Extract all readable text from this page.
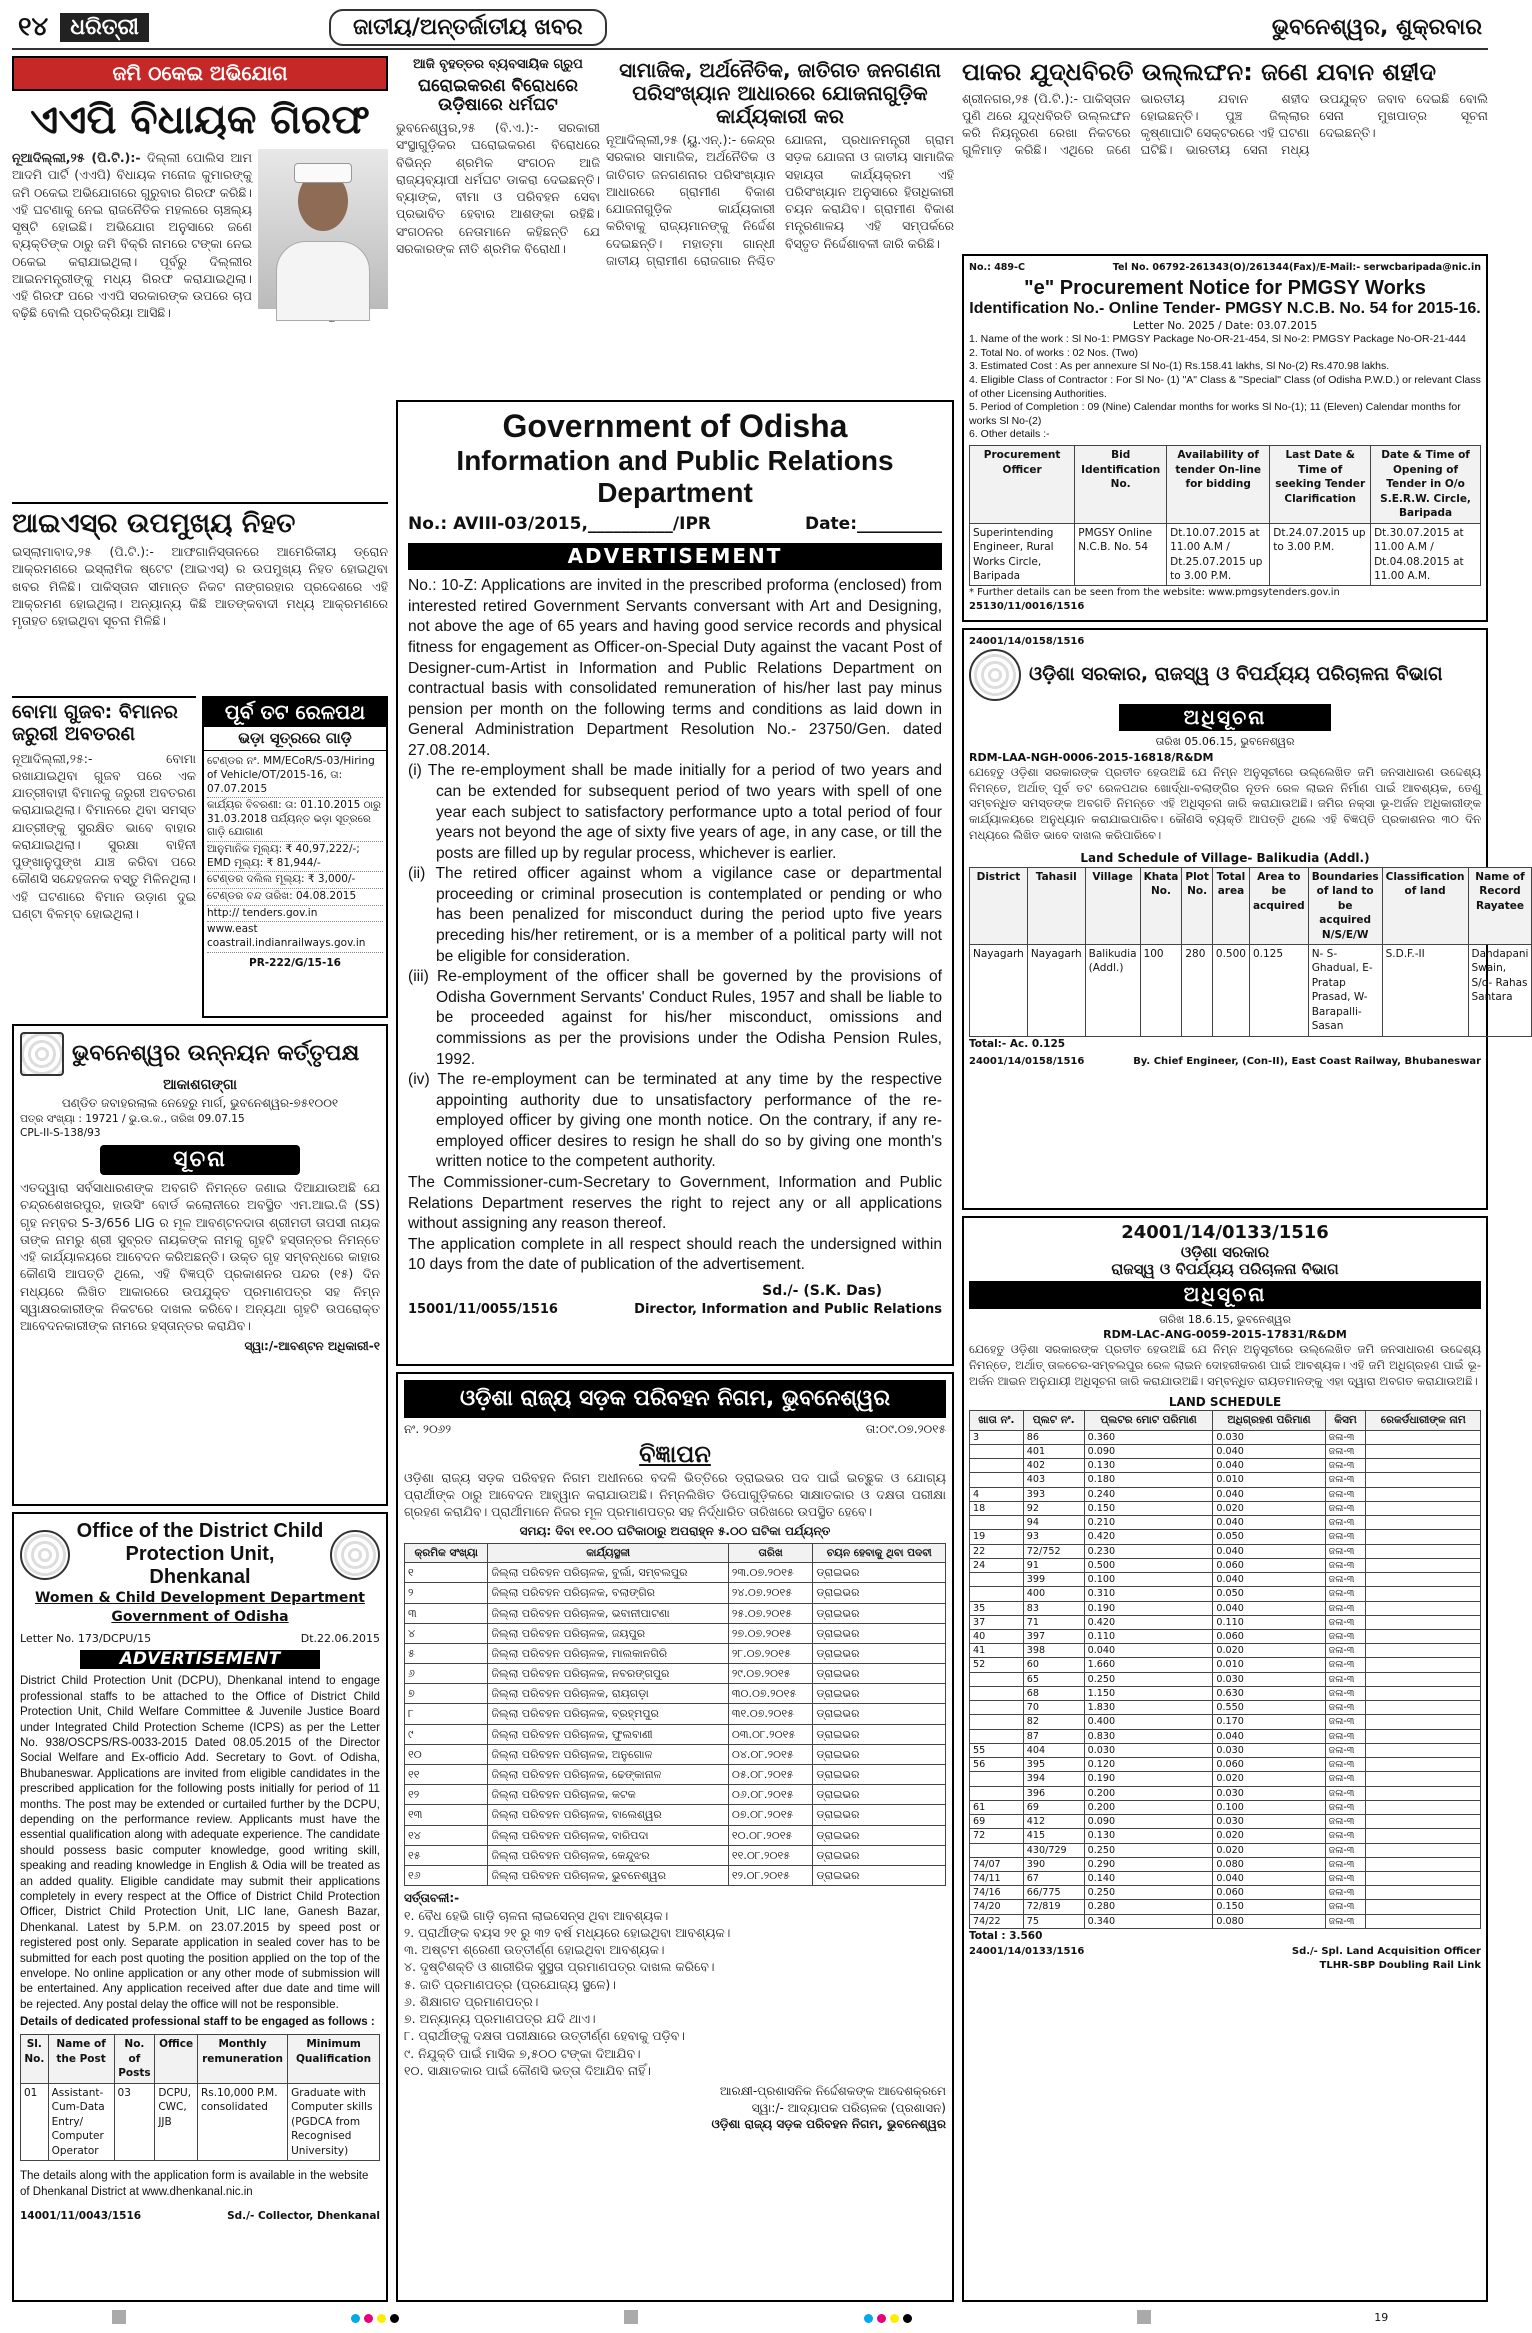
୧୪	ଧରିତ୍ରୀ	ଜାତୀୟ/ଅନ୍ତର୍ଜାତୀୟ ଖବର	ଭୁବନେଶ୍ୱର, ଶୁକ୍ରବାର
ଜମି ଠକେଇ ଅଭିଯୋଗ
ଏଏପି ବିଧାୟକ ଗିରଫ
ନୂଆଦିଲ୍ଲୀ,୨୫ (ପି.ଟି.):- ଦିଲ୍ଲୀ ପୋଲିସ ଆମ ଆଦମି ପାର୍ଟି (ଏଏପି) ବିଧାୟକ ମନୋଜ କୁମାରଙ୍କୁ ଜମି ଠକେଇ ଅଭିଯୋଗରେ ଗୁରୁବାର ଗିରଫ କରିଛି। ଏହି ଘଟଣାକୁ ନେଇ ରାଜନୈତିକ ମହଲରେ ଚାଞ୍ଚଲ୍ୟ ସୃଷ୍ଟି ହୋଇଛି। ଅଭିଯୋଗ ଅନୁସାରେ ଜଣେ ବ୍ୟକ୍ତିଙ୍କ ଠାରୁ ଜମି ବିକ୍ରି ନାମରେ ଟଙ୍କା ନେଇ ଠକେଇ କରାଯାଇଥିଲା। ପୂର୍ବରୁ ଦିଲ୍ଲୀର ଆଇନମନ୍ତ୍ରୀଙ୍କୁ ମଧ୍ୟ ଗିରଫ କରାଯାଇଥିଲା। ଏହି ଗିରଫ ପରେ ଏଏପି ସରକାରଙ୍କ ଉପରେ ଚାପ ବଢ଼ିଛି ବୋଲି ପ୍ରତିକ୍ରିୟା ଆସିଛି।
ଆଇଏସ୍‌ର ଉପମୁଖ୍ୟ ନିହତ
ଇସ୍‌ଲାମାବାଦ,୨୫ (ପି.ଟି.):- ଆଫଗାନିସ୍ତାନରେ ଆମେରିକୀୟ ଡ୍ରୋନ ଆକ୍ରମଣରେ ଇସ୍‌ଲାମିକ ଷ୍ଟେଟ (ଆଇଏସ୍) ର ଉପମୁଖ୍ୟ ନିହତ ହୋଇଥିବା ଖବର ମିଳିଛି। ପାକିସ୍ତାନ ସୀମାନ୍ତ ନିକଟ ନାଙ୍ଗରହାର ପ୍ରଦେଶରେ ଏହି ଆକ୍ରମଣ ହୋଇଥିଲା। ଅନ୍ୟାନ୍ୟ କିଛି ଆତଙ୍କବାଦୀ ମଧ୍ୟ ଆକ୍ରମଣରେ ମୃତାହତ ହୋଇଥିବା ସୂଚନା ମିଳିଛି।
ବୋମା ଗୁଜବ: ବିମାନର ଜରୁରୀ ଅବତରଣ
ନୂଆଦିଲ୍ଲୀ,୨୫:- ବୋମା ରଖାଯାଇଥିବା ଗୁଜବ ପରେ ଏକ ଯାତ୍ରୀବାହୀ ବିମାନକୁ ଜରୁରୀ ଅବତରଣ କରାଯାଇଥିଲା। ବିମାନରେ ଥିବା ସମସ୍ତ ଯାତ୍ରୀଙ୍କୁ ସୁରକ୍ଷିତ ଭାବେ ବାହାର କରାଯାଇଥିଲା। ସୁରକ୍ଷା ବାହିନୀ ପୁଙ୍ଖାନୁପୁଙ୍ଖ ଯାଞ୍ଚ କରିବା ପରେ କୌଣସି ସନ୍ଦେହଜନକ ବସ୍ତୁ ମିଳିନଥିଲା। ଏହି ଘଟଣାରେ ବିମାନ ଉଡ଼ାଣ ଦୁଇ ଘଣ୍ଟା ବିଳମ୍ବ ହୋଇଥିଲା।
ପୂର୍ବ ତଟ ରେଳପଥ
ଭଡ଼ା ସୂତ୍ରରେ ଗାଡ଼ି
ଟେଣ୍ଡର ନଂ. MM/ECoR/S-03/Hiring of Vehicle/OT/2015-16, ତା: 07.07.2015
କାର୍ଯ୍ୟର ବିବରଣୀ: ତା: 01.10.2015 ଠାରୁ 31.03.2018 ପର୍ଯ୍ୟନ୍ତ ଭଡ଼ା ସୂତ୍ରରେ ଗାଡ଼ି ଯୋଗାଣ
ଆନୁମାନିକ ମୂଲ୍ୟ: ₹ 40,97,222/-; EMD ମୂଲ୍ୟ: ₹ 81,944/-
ଟେଣ୍ଡର ଦଲିଲ ମୂଲ୍ୟ: ₹ 3,000/-
ଟେଣ୍ଡର ବନ୍ଦ ତାରିଖ: 04.08.2015
http:// tenders.gov.in
www.east coastrail.indianrailways.gov.in
PR-222/G/15-16
ଭୁବନେଶ୍ୱର ଉନ୍ନୟନ କର୍ତ୍ତୃପକ୍ଷ
ଆକାଶଗଙ୍ଗା
ପଣ୍ଡିତ ଜବାହରଲାଲ ନେହେରୁ ମାର୍ଗ, ଭୁବନେଶ୍ୱର-୭୫୧୦୦୧
ପତ୍ର ସଂଖ୍ୟା : 19721 / ଭୁ.ଉ.କ., ତାରିଖ 09.07.15
CPL-II-S-138/93
ସୂଚନା
ଏତଦ୍ୱାରା ସର୍ବସାଧାରଣଙ୍କ ଅବଗତି ନିମନ୍ତେ ଜଣାଇ ଦିଆଯାଉଅଛି ଯେ ଚନ୍ଦ୍ରଶେଖରପୁର, ହାଉସିଂ ବୋର୍ଡ କଲୋନୀରେ ଅବସ୍ଥିତ ଏମ.ଆଇ.ଜି (SS) ଗୃହ ନମ୍ବର S-3/656 LIG ର ମୂଳ ଆବଣ୍ଟନଦାତା ଶ୍ରୀମତୀ ତାପସୀ ନାୟକ ତାଙ୍କ ନାମରୁ ଶ୍ରୀ ସୁବ୍ରତ ନାୟକଙ୍କ ନାମକୁ ଗୃହଟି ହସ୍ତାନ୍ତର ନିମନ୍ତେ ଏହି କାର୍ଯ୍ୟାଳୟରେ ଆବେଦନ କରିଅଛନ୍ତି। ଉକ୍ତ ଗୃହ ସମ୍ବନ୍ଧରେ କାହାର କୌଣସି ଆପତ୍ତି ଥିଲେ, ଏହି ବିଜ୍ଞପ୍ତି ପ୍ରକାଶନର ପନ୍ଦର (୧୫) ଦିନ ମଧ୍ୟରେ ଲିଖିତ ଆକାରରେ ଉପଯୁକ୍ତ ପ୍ରମାଣପତ୍ର ସହ ନିମ୍ନ ସ୍ୱାକ୍ଷରକାରୀଙ୍କ ନିକଟରେ ଦାଖଲ କରିବେ। ଅନ୍ୟଥା ଗୃହଟି ଉପରୋକ୍ତ ଆବେଦନକାରୀଙ୍କ ନାମରେ ହସ୍ତାନ୍ତର କରାଯିବ।
ସ୍ୱା:/-ଆବଣ୍ଟନ ଅଧିକାରୀ-୧
Office of the District Child
Protection Unit, Dhenkanal
Women & Child Development Department
Government of Odisha
Letter No. 173/DCPU/15	Dt.22.06.2015
ADVERTISEMENT
District Child Protection Unit (DCPU), Dhenkanal intend to engage professional staffs to be attached to the Office of District Child Protection Unit, Child Welfare Committee & Juvenile Justice Board under Integrated Child Protection Scheme (ICPS) as per the Letter No. 938/OSCPS/RS-0033-2015 Dated 08.05.2015 of the Director Social Welfare and Ex-officio Add. Secretary to Govt. of Odisha, Bhubaneswar. Applications are invited from eligible candidates in the prescribed application for the following posts initially for period of 11 months. The post may be extended or curtailed further by the DCPU, depending on the performance review. Applicants must have the essential qualification along with adequate experience. The candidate should possess basic computer knowledge, good writing skill, speaking and reading knowledge in English & Odia will be treated as an added quality. Eligible candidate may submit their applications completely in every respect at the Office of District Child Protection Officer, District Child Protection Unit, LIC lane, Ganesh Bazar, Dhenkanal. Latest by 5.P.M. on 23.07.2015 by speed post or registered post only. Separate application in sealed cover has to be submitted for each post quoting the position applied on the top of the envelope. No online application or any other mode of submission will be entertained. Any application received after due date and time will be rejected. Any postal delay the office will not be responsible.
Details of dedicated professional staff to be engaged as follows :
Sl. No.	Name of the Post	No. of Posts	Office	Monthly remuneration	Minimum Qualification
01	Assistant-Cum-Data Entry/ Computer Operator	03	DCPU, CWC, JJB	Rs.10,000 P.M. consolidated	Graduate with Computer skills (PGDCA from Recognised University)
The details along with the application form is available in the website of Dhenkanal District at www.dhenkanal.nic.in
14001/11/0043/1516	Sd./- Collector, Dhenkanal
ଆଜି ବୃହତ୍ତର ବ୍ୟବସାୟିକ ଗ୍ରୁପ
ଘରୋଇକରଣ ବିରୋଧରେ ଉଡ଼ିଷାରେ ଧର୍ମଘଟ
ଭୁବନେଶ୍ୱର,୨୫ (ବି.ଏ.):- ସରକାରୀ ସଂସ୍ଥାଗୁଡ଼ିକର ଘରୋଇକରଣ ବିରୋଧରେ ବିଭିନ୍ନ ଶ୍ରମିକ ସଂଗଠନ ଆଜି ରାଜ୍ୟବ୍ୟାପୀ ଧର୍ମଘଟ ଡାକରା ଦେଇଛନ୍ତି। ବ୍ୟାଙ୍କ, ବୀମା ଓ ପରିବହନ ସେବା ପ୍ରଭାବିତ ହେବାର ଆଶଙ୍କା ରହିଛି। ସଂଗଠନର ନେତାମାନେ କହିଛନ୍ତି ଯେ ସରକାରଙ୍କ ନୀତି ଶ୍ରମିକ ବିରୋଧୀ।
ସାମାଜିକ, ଅର୍ଥନୈତିକ, ଜାତିଗତ ଜନଗଣନା ପରିସଂଖ୍ୟାନ ଆଧାରରେ ଯୋଜନାଗୁଡ଼ିକ କାର୍ଯ୍ୟକାରୀ କର
ନୂଆଦିଲ୍ଲୀ,୨୫ (ୟୁ.ଏନ୍.):- କେନ୍ଦ୍ର ସରକାର ସାମାଜିକ, ଅର୍ଥନୈତିକ ଓ ଜାତିଗତ ଜନଗଣନାର ପରିସଂଖ୍ୟାନ ଆଧାରରେ ଗ୍ରାମୀଣ ବିକାଶ ଯୋଜନାଗୁଡ଼ିକ କାର୍ଯ୍ୟକାରୀ କରିବାକୁ ରାଜ୍ୟମାନଙ୍କୁ ନିର୍ଦ୍ଦେଶ ଦେଇଛନ୍ତି। ମହାତ୍ମା ଗାନ୍ଧୀ ଜାତୀୟ ଗ୍ରାମୀଣ ରୋଜଗାର ନିଶ୍ଚିତ ଯୋଜନା, ପ୍ରଧାନମନ୍ତ୍ରୀ ଗ୍ରାମ ସଡ଼କ ଯୋଜନା ଓ ଜାତୀୟ ସାମାଜିକ ସହାୟତା କାର୍ଯ୍ୟକ୍ରମ ଏହି ପରିସଂଖ୍ୟାନ ଅନୁସାରେ ହିତାଧିକାରୀ ଚୟନ କରାଯିବ। ଗ୍ରାମୀଣ ବିକାଶ ମନ୍ତ୍ରଣାଳୟ ଏହି ସମ୍ପର୍କରେ ବିସ୍ତୃତ ନିର୍ଦ୍ଦେଶାବଳୀ ଜାରି କରିଛି।
Government of Odisha
Information and Public Relations Department
No.: AVIII-03/2015,__________/IPR	Date:__________
ADVERTISEMENT
No.: 10-Z: Applications are invited in the prescribed proforma (enclosed) from interested retired Government Servants conversant with Art and Designing, not above the age of 65 years and having good service records and physical fitness for engagement as Officer-on-Special Duty against the vacant Post of Designer-cum-Artist in Information and Public Relations Department on contractual basis with consolidated remuneration of his/her last pay minus pension per month on the following terms and conditions as laid down in General Administration Department Resolution No.- 23750/Gen. dated 27.08.2014.
(i) The re-employment shall be made initially for a period of two years and can be extended for subsequent period of two years with spell of one year each subject to satisfactory performance upto a total period of four years not beyond the age of sixty five years of age, in any case, or till the posts are filled up by regular process, whichever is earlier.
(ii) The retired officer against whom a vigilance case or departmental proceeding or criminal prosecution is contemplated or pending or who has been penalized for misconduct during the period upto five years preceding his/her retirement, or is a member of a political party will not be eligible for consideration.
(iii) Re-employment of the officer shall be governed by the provisions of Odisha Government Servants' Conduct Rules, 1957 and shall be liable to be proceeded against for his/her misconduct, omissions and commissions as per the provisions under the Odisha Pension Rules, 1992.
(iv) The re-employment can be terminated at any time by the respective appointing authority due to unsatisfactory performance of the re-employed officer by giving one month notice. On the contrary, if any re-employed officer desires to resign he shall do so by giving one month's written notice to the competent authority.
The Commissioner-cum-Secretary to Government, Information and Public Relations Department reserves the right to reject any or all applications without assigning any reason thereof.
The application complete in all respect should reach the undersigned within 10 days from the date of publication of the advertisement.
Sd./- (S.K. Das)
15001/11/0055/1516	Director, Information and Public Relations
ଓଡ଼ିଶା ରାଜ୍ୟ ସଡ଼କ ପରିବହନ ନିଗମ, ଭୁବନେଶ୍ୱର
ନଂ. ୨୦୬୨	ତା:୦୯.୦୭.୨୦୧୫
ବିଜ୍ଞାପନ
ଓଡ଼ିଶା ରାଜ୍ୟ ସଡ଼କ ପରିବହନ ନିଗମ ଅଧୀନରେ ବଦଳି ଭିତ୍ତିରେ ଡ୍ରାଇଭର ପଦ ପାଇଁ ଇଚ୍ଛୁକ ଓ ଯୋଗ୍ୟ ପ୍ରାର୍ଥୀଙ୍କ ଠାରୁ ଆବେଦନ ଆହ୍ୱାନ କରାଯାଉଅଛି। ନିମ୍ନଲିଖିତ ଡିପୋଗୁଡ଼ିକରେ ସାକ୍ଷାତକାର ଓ ଦକ୍ଷତା ପରୀକ୍ଷା ଗ୍ରହଣ କରାଯିବ। ପ୍ରାର୍ଥୀମାନେ ନିଜର ମୂଳ ପ୍ରମାଣପତ୍ର ସହ ନିର୍ଦ୍ଧାରିତ ତାରିଖରେ ଉପସ୍ଥିତ ହେବେ।
ସମୟ: ଦିବା ୧୧.୦୦ ଘଟିକାଠାରୁ ଅପରାହ୍ନ ୫.୦୦ ଘଟିକା ପର୍ଯ୍ୟନ୍ତ
କ୍ରମିକ ସଂଖ୍ୟା	କାର୍ଯ୍ୟସ୍ଥଳୀ	ତାରିଖ	ଚୟନ ହେବାକୁ ଥିବା ପଦବୀ
୧	ଜିଲ୍ଲା ପରିବହନ ପରିଚାଳକ, ବୁର୍ଲା, ସମ୍ବଲପୁର	୨୩.୦୭.୨୦୧୫	ଡ୍ରାଇଭର
୨	ଜିଲ୍ଲା ପରିବହନ ପରିଚାଳକ, ବଲାଙ୍ଗିର	୨୪.୦୭.୨୦୧୫	ଡ୍ରାଇଭର
୩	ଜିଲ୍ଲା ପରିବହନ ପରିଚାଳକ, ଭବାନୀପାଟଣା	୨୫.୦୭.୨୦୧୫	ଡ୍ରାଇଭର
୪	ଜିଲ୍ଲା ପରିବହନ ପରିଚାଳକ, ଜୟପୁର	୨୭.୦୭.୨୦୧୫	ଡ୍ରାଇଭର
୫	ଜିଲ୍ଲା ପରିବହନ ପରିଚାଳକ, ମାଲକାନଗିରି	୨୮.୦୭.୨୦୧୫	ଡ୍ରାଇଭର
୬	ଜିଲ୍ଲା ପରିବହନ ପରିଚାଳକ, ନବରଙ୍ଗପୁର	୨୯.୦୭.୨୦୧୫	ଡ୍ରାଇଭର
୭	ଜିଲ୍ଲା ପରିବହନ ପରିଚାଳକ, ରାୟଗଡ଼ା	୩୦.୦୭.୨୦୧୫	ଡ୍ରାଇଭର
୮	ଜିଲ୍ଲା ପରିବହନ ପରିଚାଳକ, ବ୍ରହ୍ମପୁର	୩୧.୦୭.୨୦୧୫	ଡ୍ରାଇଭର
୯	ଜିଲ୍ଲା ପରିବହନ ପରିଚାଳକ, ଫୁଲବାଣୀ	୦୩.୦୮.୨୦୧୫	ଡ୍ରାଇଭର
୧୦	ଜିଲ୍ଲା ପରିବହନ ପରିଚାଳକ, ଅନୁଗୋଳ	୦୪.୦୮.୨୦୧୫	ଡ୍ରାଇଭର
୧୧	ଜିଲ୍ଲା ପରିବହନ ପରିଚାଳକ, ଢେଙ୍କାନାଳ	୦୫.୦୮.୨୦୧୫	ଡ୍ରାଇଭର
୧୨	ଜିଲ୍ଲା ପରିବହନ ପରିଚାଳକ, କଟକ	୦୬.୦୮.୨୦୧୫	ଡ୍ରାଇଭର
୧୩	ଜିଲ୍ଲା ପରିବହନ ପରିଚାଳକ, ବାଲେଶ୍ୱର	୦୭.୦୮.୨୦୧୫	ଡ୍ରାଇଭର
୧୪	ଜିଲ୍ଲା ପରିବହନ ପରିଚାଳକ, ବାରିପଦା	୧୦.୦୮.୨୦୧୫	ଡ୍ରାଇଭର
୧୫	ଜିଲ୍ଲା ପରିବହନ ପରିଚାଳକ, କେନ୍ଦୁଝର	୧୧.୦୮.୨୦୧୫	ଡ୍ରାଇଭର
୧୬	ଜିଲ୍ଲା ପରିବହନ ପରିଚାଳକ, ଭୁବନେଶ୍ୱର	୧୨.୦୮.୨୦୧୫	ଡ୍ରାଇଭର
ସର୍ତ୍ତାବଳୀ:-
୧. ବୈଧ ହେଭି ଗାଡ଼ି ଚାଳନା ଲାଇସେନ୍ସ ଥିବା ଆବଶ୍ୟକ।
୨. ପ୍ରାର୍ଥୀଙ୍କ ବୟସ ୨୧ ରୁ ୩୨ ବର୍ଷ ମଧ୍ୟରେ ହୋଇଥିବା ଆବଶ୍ୟକ।
୩. ଅଷ୍ଟମ ଶ୍ରେଣୀ ଉତ୍ତୀର୍ଣ୍ଣ ହୋଇଥିବା ଆବଶ୍ୟକ।
୪. ଦୃଷ୍ଟିଶକ୍ତି ଓ ଶାରୀରିକ ସୁସ୍ଥତା ପ୍ରମାଣପତ୍ର ଦାଖଲ କରିବେ।
୫. ଜାତି ପ୍ରମାଣପତ୍ର (ପ୍ରଯୋଜ୍ୟ ସ୍ଥଳେ)।
୬. ଶିକ୍ଷାଗତ ପ୍ରମାଣପତ୍ର।
୭. ଅନ୍ୟାନ୍ୟ ପ୍ରମାଣପତ୍ର ଯଦି ଥାଏ।
୮. ପ୍ରାର୍ଥୀଙ୍କୁ ଦକ୍ଷତା ପରୀକ୍ଷାରେ ଉତ୍ତୀର୍ଣ୍ଣ ହେବାକୁ ପଡ଼ିବ।
୯. ନିଯୁକ୍ତି ପାଇଁ ମାସିକ ୭,୫୦୦ ଟଙ୍କା ଦିଆଯିବ।
୧୦. ସାକ୍ଷାତକାର ପାଇଁ କୌଣସି ଭତ୍ତା ଦିଆଯିବ ନାହିଁ।
ଆରକ୍ଷୀ-ପ୍ରଶାସନିକ ନିର୍ଦ୍ଦେଶକଙ୍କ ଆଦେଶକ୍ରମେ
ସ୍ୱା:/- ଆଦ୍ୟାପକ ପରିଚାଳକ (ପ୍ରଶାସନ)
ଓଡ଼ିଶା ରାଜ୍ୟ ସଡ଼କ ପରିବହନ ନିଗମ, ଭୁବନେଶ୍ୱର
ପାକର ଯୁଦ୍ଧବିରତି ଉଲ୍ଲଙ୍ଘନ: ଜଣେ ଯବାନ ଶହୀଦ
ଶ୍ରୀନଗର,୨୫ (ପି.ଟି.):- ପାକିସ୍ତାନ ପୁଣି ଥରେ ଯୁଦ୍ଧବିରତି ଉଲ୍ଲଙ୍ଘନ କରି ନିୟନ୍ତ୍ରଣ ରେଖା ନିକଟରେ ଗୁଳିମାଡ଼ କରିଛି। ଏଥିରେ ଜଣେ ଭାରତୀୟ ଯବାନ ଶହୀଦ ହୋଇଛନ୍ତି। ପୁଞ୍ଚ ଜିଲ୍ଲାର କୃଷ୍ଣାଘାଟି ସେକ୍ଟରରେ ଏହି ଘଟଣା ଘଟିଛି। ଭାରତୀୟ ସେନା ମଧ୍ୟ ଉପଯୁକ୍ତ ଜବାବ ଦେଇଛି ବୋଲି ସେନା ମୁଖପାତ୍ର ସୂଚନା ଦେଇଛନ୍ତି।
No.: 489-C	Tel No. 06792-261343(O)/261344(Fax)/E-Mail:- serwcbaripada@nic.in
"e" Procurement Notice for PMGSY Works
Identification No.- Online Tender- PMGSY N.C.B. No. 54 for 2015-16.
Letter No. 2025 / Date: 03.07.2015
1. Name of the work : Sl No-1: PMGSY Package No-OR-21-454, Sl No-2: PMGSY Package No-OR-21-444
2. Total No. of works : 02 Nos. (Two)
3. Estimated Cost : As per annexure Sl No-(1) Rs.158.41 lakhs, Sl No-(2) Rs.470.98 lakhs.
4. Eligible Class of Contractor : For Sl No- (1) "A" Class & "Special" Class (of Odisha P.W.D.) or relevant Class of other Licensing Authorities.
5. Period of Completion : 09 (Nine) Calendar months for works Sl No-(1); 11 (Eleven) Calendar months for works Sl No-(2)
6. Other details :-
Procurement Officer	Bid Identification No.	Availability of tender On-line for bidding	Last Date & Time of seeking Tender Clarification	Date & Time of Opening of Tender in O/o S.E.R.W. Circle, Baripada
Superintending Engineer, Rural Works Circle, Baripada	PMGSY Online N.C.B. No. 54	Dt.10.07.2015 at 11.00 A.M / Dt.25.07.2015 up to 3.00 P.M.	Dt.24.07.2015 up to 3.00 P.M.	Dt.30.07.2015 at 11.00 A.M / Dt.04.08.2015 at 11.00 A.M.
* Further details can be seen from the website: www.pmgsytenders.gov.in
25130/11/0016/1516
24001/14/0158/1516
ଓଡ଼ିଶା ସରକାର, ରାଜସ୍ୱ ଓ ବିପର୍ଯ୍ୟୟ ପରିଚାଳନା ବିଭାଗ
ଅଧିସୂଚନା
ତାରିଖ 05.06.15, ଭୁବନେଶ୍ୱର
RDM-LAA-NGH-0006-2015-16818/R&DM
ଯେହେତୁ ଓଡ଼ିଶା ସରକାରଙ୍କ ପ୍ରତୀତ ହେଉଅଛି ଯେ ନିମ୍ନ ଅନୁସୂଚୀରେ ଉଲ୍ଲେଖିତ ଜମି ଜନସାଧାରଣ ଉଦ୍ଦେଶ୍ୟ ନିମନ୍ତେ, ଅର୍ଥାତ୍ ପୂର୍ବ ତଟ ରେଳପଥର ଖୋର୍ଦ୍ଧା-ବଲାଙ୍ଗିର ନୂତନ ରେଳ ଲାଇନ ନିର୍ମାଣ ପାଇଁ ଆବଶ୍ୟକ, ତେଣୁ ସମ୍ବନ୍ଧିତ ସମସ୍ତଙ୍କ ଅବଗତି ନିମନ୍ତେ ଏହି ଅଧିସୂଚନା ଜାରି କରାଯାଉଅଛି। ଜମିର ନକ୍ସା ଭୂ-ଅର୍ଜନ ଅଧିକାରୀଙ୍କ କାର୍ଯ୍ୟାଳୟରେ ଅନୁଧ୍ୟାନ କରାଯାଇପାରିବ। କୌଣସି ବ୍ୟକ୍ତି ଆପତ୍ତି ଥିଲେ ଏହି ବିଜ୍ଞପ୍ତି ପ୍ରକାଶନର ୩୦ ଦିନ ମଧ୍ୟରେ ଲିଖିତ ଭାବେ ଦାଖଲ କରିପାରିବେ।
Land Schedule of Village- Balikudia (Addl.)
District	Tahasil	Village	Khata No.	Plot No.	Total area	Area to be acquired	Boundaries of land to be acquired N/S/E/W	Classification of land	Name of Record Rayatee
Nayagarh	Nayagarh	Balikudia (Addl.)	100	280	0.500	0.125	N- S-Ghadual, E-Pratap Prasad, W-Barapalli- Sasan	S.D.F.-II	Dandapani Swain, S/o- Rahas Santara
Total:- Ac. 0.125
24001/14/0158/1516	By. Chief Engineer, (Con-II), East Coast Railway, Bhubaneswar
24001/14/0133/1516
ଓଡ଼ିଶା ସରକାର
ରାଜସ୍ୱ ଓ ବିପର୍ଯ୍ୟୟ ପରିଚାଳନା ବିଭାଗ
ଅଧିସୂଚନା
ତାରିଖ 18.6.15, ଭୁବନେଶ୍ୱର
RDM-LAC-ANG-0059-2015-17831/R&DM
ଯେହେତୁ ଓଡ଼ିଶା ସରକାରଙ୍କ ପ୍ରତୀତ ହେଉଅଛି ଯେ ନିମ୍ନ ଅନୁସୂଚୀରେ ଉଲ୍ଲେଖିତ ଜମି ଜନସାଧାରଣ ଉଦ୍ଦେଶ୍ୟ ନିମନ୍ତେ, ଅର୍ଥାତ୍ ତାଳଚେର-ସମ୍ବଲପୁର ରେଳ ଲାଇନ ଦୋହରୀକରଣ ପାଇଁ ଆବଶ୍ୟକ। ଏହି ଜମି ଅଧିଗ୍ରହଣ ପାଇଁ ଭୂ-ଅର୍ଜନ ଆଇନ ଅନୁଯାୟୀ ଅଧିସୂଚନା ଜାରି କରାଯାଉଅଛି। ସମ୍ବନ୍ଧିତ ରାୟତମାନଙ୍କୁ ଏହା ଦ୍ୱାରା ଅବଗତ କରାଯାଉଅଛି।
LAND SCHEDULE
ଖାତା ନଂ.	ପ୍ଲଟ ନଂ.	ପ୍ଲଟର ମୋଟ ପରିମାଣ	ଅଧିଗ୍ରହଣ ପରିମାଣ	କିସମ	ରେକର୍ଡଧାରୀଙ୍କ ନାମ
3	86	0.360	0.030	ଜଳା-୩	
	401	0.090	0.040	ଜଳା-୩	
	402	0.130	0.040	ଜଳା-୩	
	403	0.180	0.010	ଜଳା-୩	
4	393	0.240	0.040	ଜଳା-୩	
18	92	0.150	0.020	ଜଳା-୩	
	94	0.210	0.040	ଜଳା-୩	
19	93	0.420	0.050	ଜଳା-୩	
22	72/752	0.230	0.040	ଜଳା-୩	
24	91	0.500	0.060	ଜଳା-୩	
	399	0.100	0.040	ଜଳା-୩	
	400	0.310	0.050	ଜଳା-୩	
35	83	0.190	0.040	ଜଳା-୩	
37	71	0.420	0.110	ଜଳା-୩	
40	397	0.110	0.060	ଜଳା-୩	
41	398	0.040	0.020	ଜଳା-୩	
52	60	1.660	0.010	ଜଳା-୩	
	65	0.250	0.030	ଜଳା-୩	
	68	1.150	0.630	ଜଳା-୩	
	70	1.830	0.550	ଜଳା-୩	
	82	0.400	0.170	ଜଳା-୩	
	87	0.830	0.040	ଜଳା-୩	
55	404	0.030	0.030	ଜଳା-୩	
56	395	0.120	0.060	ଜଳା-୩	
	394	0.190	0.020	ଜଳା-୩	
	396	0.200	0.030	ଜଳା-୩	
61	69	0.200	0.100	ଜଳା-୩	
69	412	0.090	0.030	ଜଳା-୩	
72	415	0.130	0.020	ଜଳା-୩	
	430/729	0.250	0.020	ଜଳା-୩	
74/07	390	0.290	0.080	ଜଳା-୩	
74/11	67	0.140	0.040	ଜଳା-୩	
74/16	66/775	0.250	0.060	ଜଳା-୩	
74/20	72/819	0.280	0.150	ଜଳା-୩	
74/22	75	0.340	0.080	ଜଳା-୩	
Total : 3.560
24001/14/0133/1516	Sd./- Spl. Land Acquisition Officer
TLHR-SBP Doubling Rail Link
19
